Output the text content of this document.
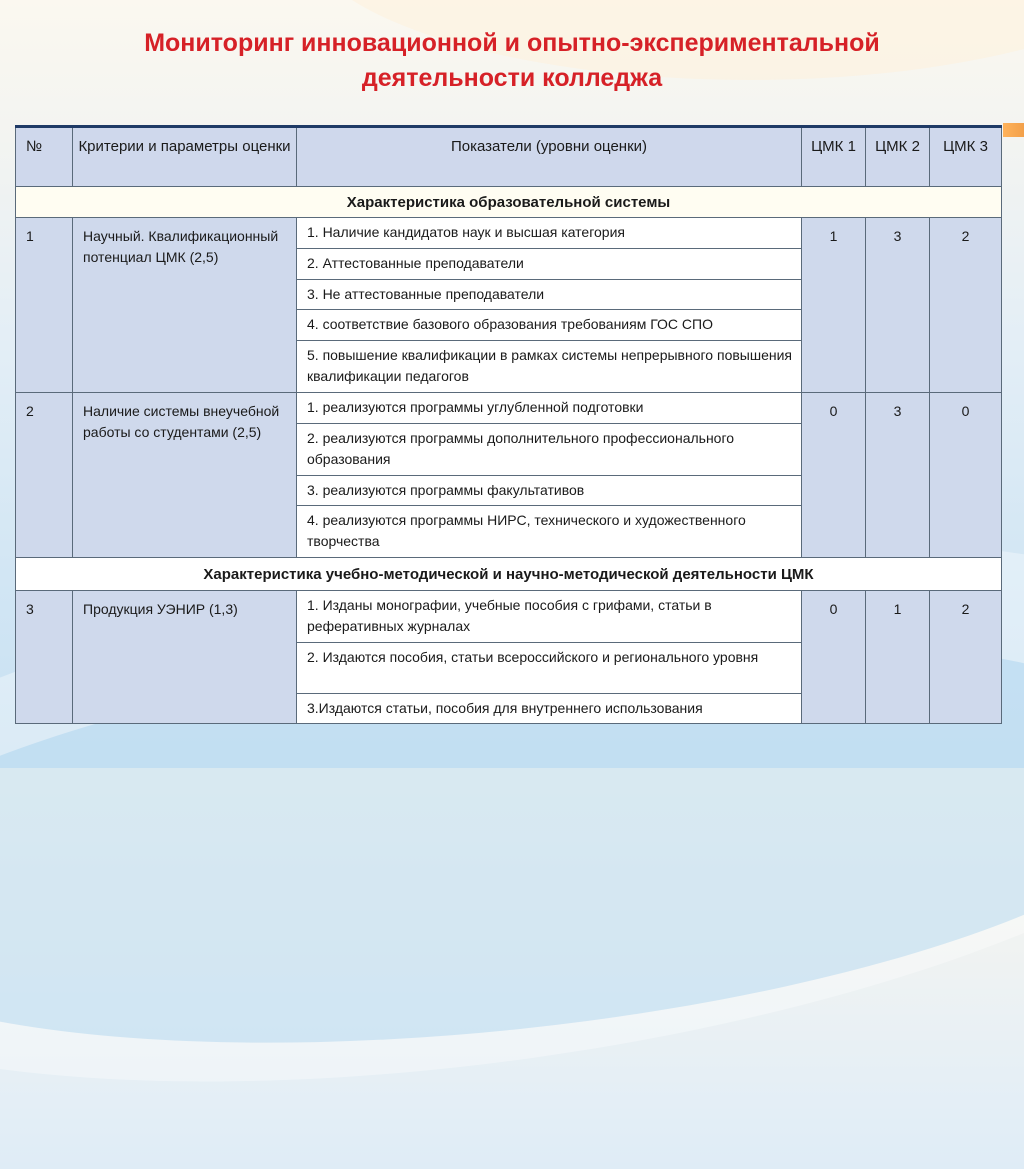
Мониторинг инновационной и опытно-экспериментальной
деятельности колледжа
№	Критерии и параметры оценки	Показатели (уровни оценки)	ЦМК 1	ЦМК 2	ЦМК 3
Характеристика образовательной системы					
1	Научный. Квалификационный потенциал ЦМК (2,5)	1. Наличие кандидатов наук и высшая категория	1	3	2
		2. Аттестованные преподаватели			
		3. Не аттестованные преподаватели			
		4. соответствие базового образования требованиям ГОС СПО			
		5. повышение квалификации в рамках системы непрерывного повышения квалификации педагогов			
2	Наличие системы внеучебной работы со студентами (2,5)	1. реализуются программы углубленной подготовки	0	3	0
		2. реализуются программы дополнительного профессионального образования			
		3. реализуются программы факультативов			
		4. реализуются программы НИРС, технического и художественного творчества			
Характеристика учебно-методической и научно-методической деятельности ЦМК					
3	Продукция УЭНИР (1,3)	1. Изданы монографии, учебные пособия с грифами, статьи в реферативных журналах	0	1	2
		2. Издаются пособия, статьи всероссийского и регионального уровня			
		3.Издаются статьи, пособия для внутреннего использования			
